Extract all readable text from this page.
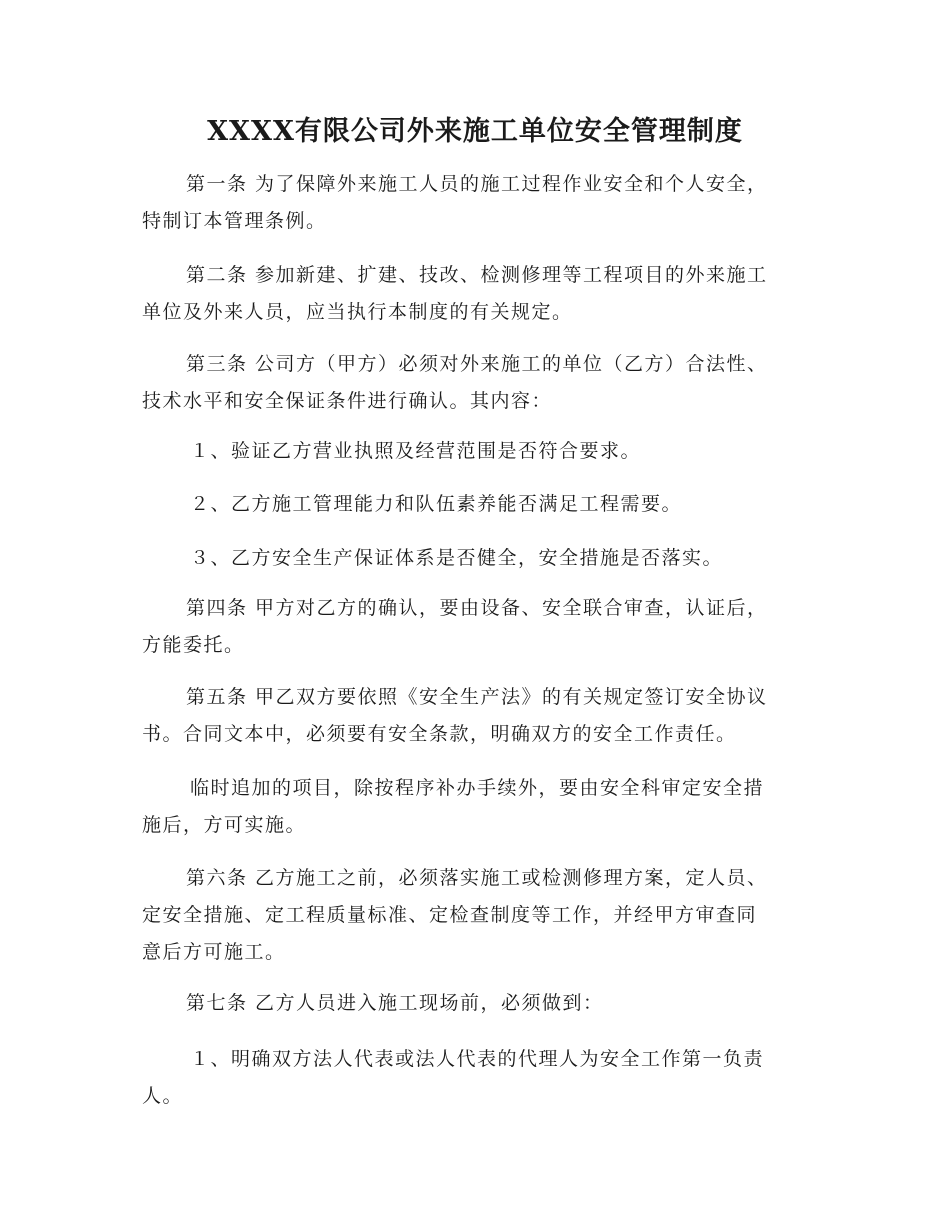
XXXX有限公司外来施工单位安全管理制度

第一条 为了保障外来施工人员的施工过程作业安全和个人安全，
特制订本管理条例。

第二条 参加新建、扩建、技改、检测修理等工程项目的外来施工
单位及外来人员，应当执行本制度的有关规定。

第三条 公司方（甲方）必须对外来施工的单位（乙方）合法性、
技术水平和安全保证条件进行确认。其内容：

１、验证乙方营业执照及经营范围是否符合要求。

２、乙方施工管理能力和队伍素养能否满足工程需要。

３、乙方安全生产保证体系是否健全，安全措施是否落实。

第四条 甲方对乙方的确认，要由设备、安全联合审查，认证后，
方能委托。

第五条 甲乙双方要依照《安全生产法》的有关规定签订安全协议
书。合同文本中，必须要有安全条款，明确双方的安全工作责任。

临时追加的项目，除按程序补办手续外，要由安全科审定安全措
施后，方可实施。

第六条 乙方施工之前，必须落实施工或检测修理方案，定人员、
定安全措施、定工程质量标准、定检查制度等工作，并经甲方审查同
意后方可施工。

第七条 乙方人员进入施工现场前，必须做到：

１、明确双方法人代表或法人代表的代理人为安全工作第一负责
人。
